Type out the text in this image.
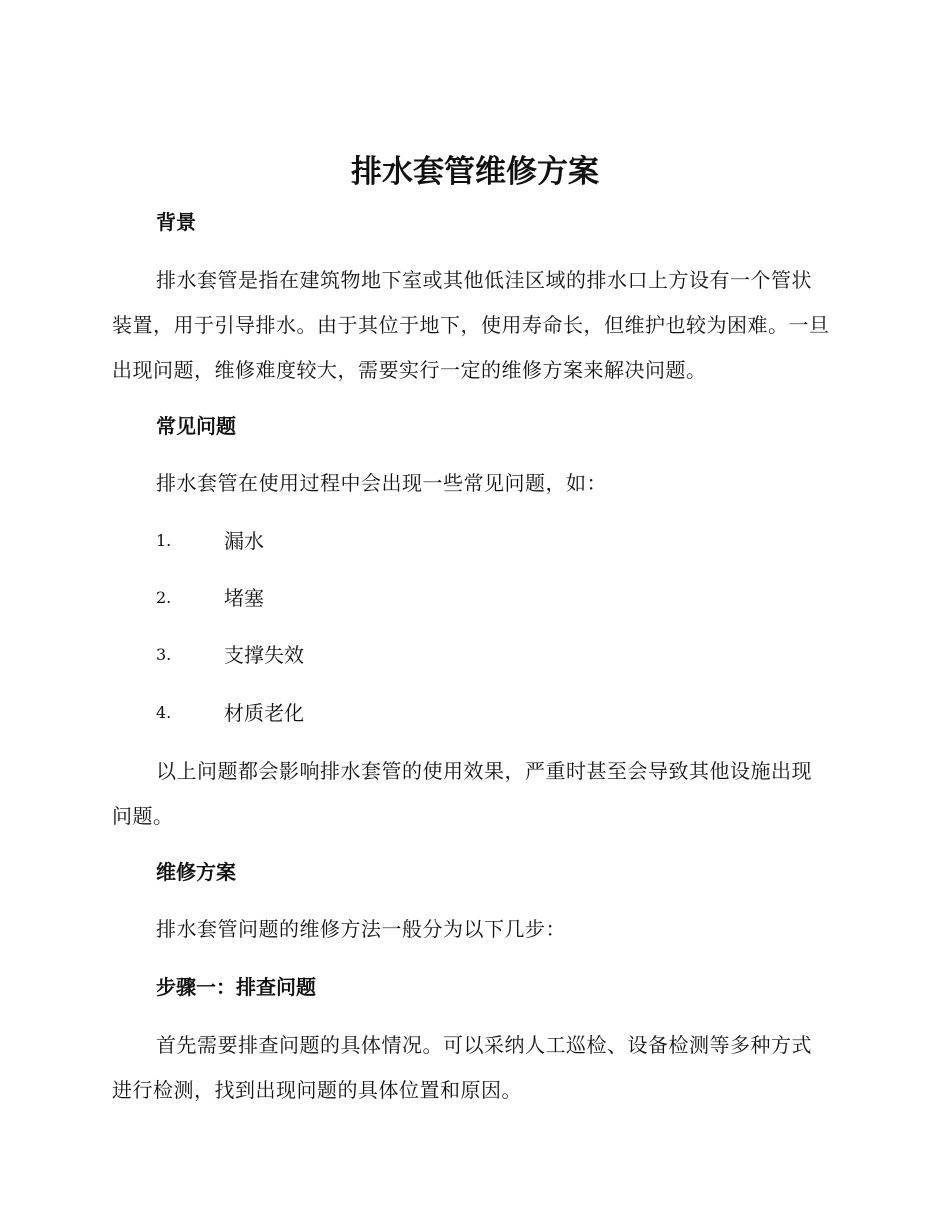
排水套管维修方案
背景

排水套管是指在建筑物地下室或其他低洼区域的排水口上方设有一个管状装置，用于引导排水。由于其位于地下，使用寿命长，但维护也较为困难。一旦出现问题，维修难度较大，需要实行一定的维修方案来解决问题。

常见问题

排水套管在使用过程中会出现一些常见问题，如：

1.	漏水
2.	堵塞
3.	支撑失效
4.	材质老化

以上问题都会影响排水套管的使用效果，严重时甚至会导致其他设施出现问题。

维修方案

排水套管问题的维修方法一般分为以下几步：

步骤一：排查问题

首先需要排查问题的具体情况。可以采纳人工巡检、设备检测等多种方式进行检测，找到出现问题的具体位置和原因。
